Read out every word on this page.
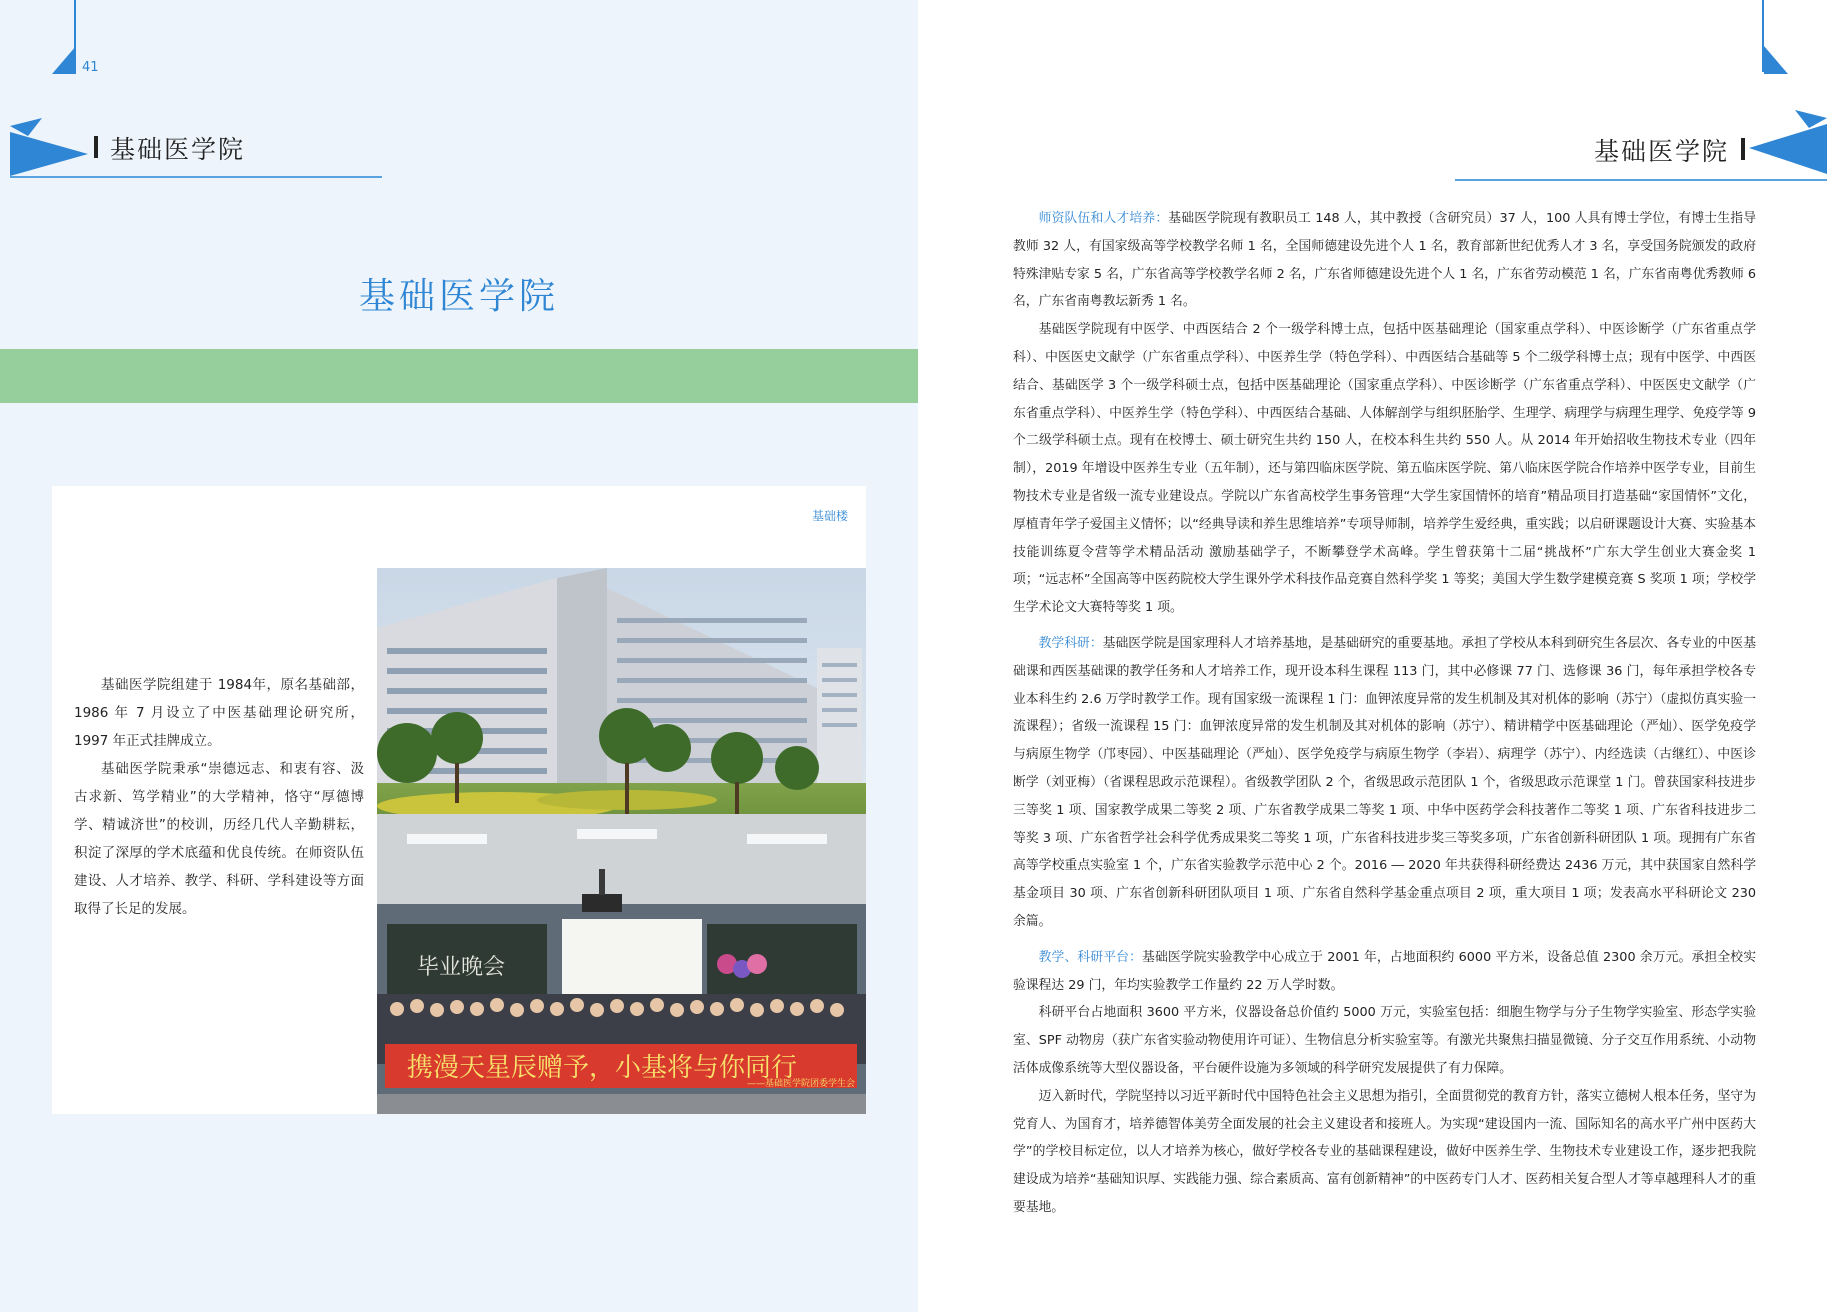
41
基础医学院
基础医学院

基础医学院组建于 1984年，原名基础部，1986 年 7 月设立了中医基础理论研究所，1997 年正式挂牌成立。

基础医学院秉承“崇德远志、和衷有容、汲古求新、笃学精业”的大学精神，恪守“厚德博学、精诚济世”的校训，历经几代人辛勤耕耘，积淀了深厚的学术底蕴和优良传统。在师资队伍建设、人才培养、教学、科研、学科建设等方面取得了长足的发展。

基础楼
毕业晚会
携漫天星辰赠予，小基将与你同行
——基础医学院团委学生会
42
基础医学院

师资队伍和人才培养：基础医学院现有教职员工 148 人，其中教授（含研究员）37 人，100 人具有博士学位，有博士生指导教师 32 人，有国家级高等学校教学名师 1 名，全国师德建设先进个人 1 名，教育部新世纪优秀人才 3 名，享受国务院颁发的政府特殊津贴专家 5 名，广东省高等学校教学名师 2 名，广东省师德建设先进个人 1 名，广东省劳动模范 1 名，广东省南粤优秀教师 6 名，广东省南粤教坛新秀 1 名。

基础医学院现有中医学、中西医结合 2 个一级学科博士点，包括中医基础理论（国家重点学科）、中医诊断学（广东省重点学科）、中医医史文献学（广东省重点学科）、中医养生学（特色学科）、中西医结合基础等 5 个二级学科博士点；现有中医学、中西医结合、基础医学 3 个一级学科硕士点，包括中医基础理论（国家重点学科）、中医诊断学（广东省重点学科）、中医医史文献学（广东省重点学科）、中医养生学（特色学科）、中西医结合基础、人体解剖学与组织胚胎学、生理学、病理学与病理生理学、免疫学等 9 个二级学科硕士点。现有在校博士、硕士研究生共约 150 人，在校本科生共约 550 人。从 2014 年开始招收生物技术专业（四年制），2019 年增设中医养生专业（五年制），还与第四临床医学院、第五临床医学院、第八临床医学院合作培养中医学专业，目前生物技术专业是省级一流专业建设点。学院以广东省高校学生事务管理“大学生家国情怀的培育”精品项目打造基础“家国情怀”文化，厚植青年学子爱国主义情怀；以“经典导读和养生思维培养”专项导师制，培养学生爱经典，重实践；以启研课题设计大赛、实验基本技能训练夏令营等学术精品活动 激励基础学子，不断攀登学术高峰。学生曾获第十二届“挑战杯”广东大学生创业大赛金奖 1 项；“远志杯”全国高等中医药院校大学生课外学术科技作品竞赛自然科学奖 1 等奖；美国大学生数学建模竞赛 S 奖项 1 项；学校学生学术论文大赛特等奖 1 项。

教学科研：基础医学院是国家理科人才培养基地，是基础研究的重要基地。承担了学校从本科到研究生各层次、各专业的中医基础课和西医基础课的教学任务和人才培养工作，现开设本科生课程 113 门，其中必修课 77 门、选修课 36 门，每年承担学校各专业本科生约 2.6 万学时教学工作。现有国家级一流课程 1 门：血钾浓度异常的发生机制及其对机体的影响（苏宁）（虚拟仿真实验一流课程）；省级一流课程 15 门：血钾浓度异常的发生机制及其对机体的影响（苏宁）、精讲精学中医基础理论（严灿）、医学免疫学与病原生物学（邝枣园）、中医基础理论（严灿）、医学免疫学与病原生物学（李岩）、病理学（苏宁）、内经选读（古继红）、中医诊断学（刘亚梅）（省课程思政示范课程）。省级教学团队 2 个，省级思政示范团队 1 个，省级思政示范课堂 1 门。曾获国家科技进步三等奖 1 项、国家教学成果二等奖 2 项、广东省教学成果二等奖 1 项、中华中医药学会科技著作二等奖 1 项、广东省科技进步二等奖 3 项、广东省哲学社会科学优秀成果奖二等奖 1 项，广东省科技进步奖三等奖多项，广东省创新科研团队 1 项。现拥有广东省高等学校重点实验室 1 个，广东省实验教学示范中心 2 个。2016 ― 2020 年共获得科研经费达 2436 万元，其中获国家自然科学基金项目 30 项、广东省创新科研团队项目 1 项、广东省自然科学基金重点项目 2 项，重大项目 1 项；发表高水平科研论文 230 余篇。

教学、科研平台：基础医学院实验教学中心成立于 2001 年，占地面积约 6000 平方米，设备总值 2300 余万元。承担全校实验课程达 29 门，年均实验教学工作量约 22 万人学时数。

科研平台占地面积 3600 平方米，仪器设备总价值约 5000 万元，实验室包括：细胞生物学与分子生物学实验室、形态学实验室、SPF 动物房（获广东省实验动物使用许可证）、生物信息分析实验室等。有激光共聚焦扫描显微镜、分子交互作用系统、小动物活体成像系统等大型仪器设备，平台硬件设施为多领域的科学研究发展提供了有力保障。

迈入新时代，学院坚持以习近平新时代中国特色社会主义思想为指引，全面贯彻党的教育方针，落实立德树人根本任务，坚守为党育人、为国育才，培养德智体美劳全面发展的社会主义建设者和接班人。为实现“建设国内一流、国际知名的高水平广州中医药大学”的学校目标定位，以人才培养为核心，做好学校各专业的基础课程建设，做好中医养生学、生物技术专业建设工作，逐步把我院建设成为培养“基础知识厚、实践能力强、综合素质高、富有创新精神”的中医药专门人才、医药相关复合型人才等卓越理科人才的重要基地。
